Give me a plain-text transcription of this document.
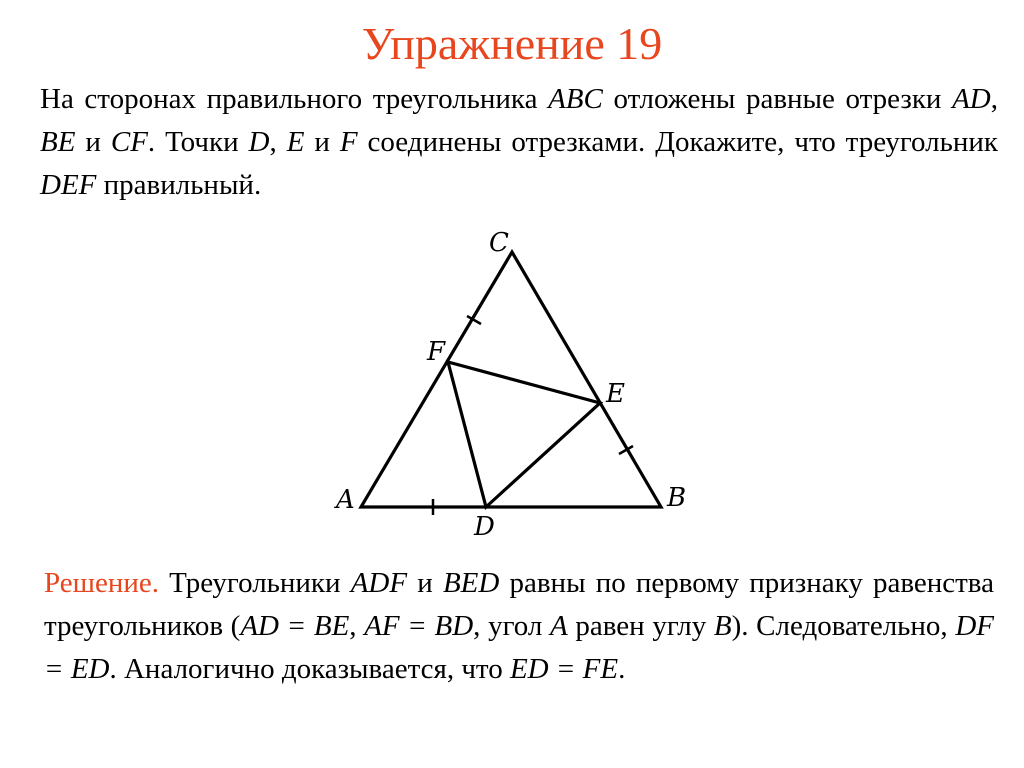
Упражнение 19
На сторонах правильного треугольника ABC отложены равные отрезки AD, BE и CF. Точки D, E и F соединены отрезками. Докажите, что треугольник DEF правильный.
C
F
E
A	B
D
Решение. Треугольники ADF и BED равны по первому признаку равенства треугольников (AD = BE, AF = BD, угол A равен углу B). Следовательно, DF = ED. Аналогично доказывается, что ED = FE.
